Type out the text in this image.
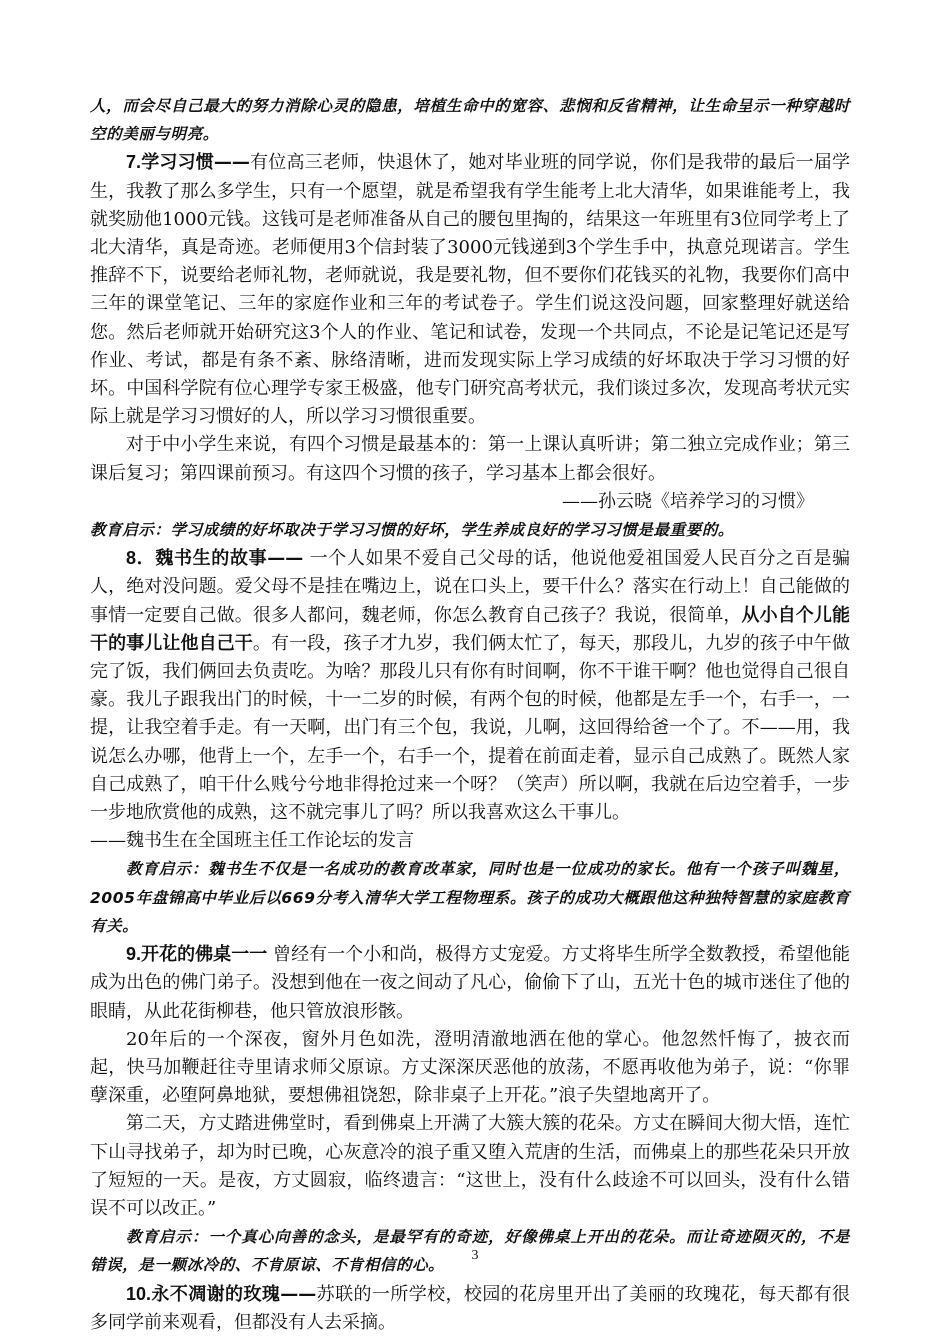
人，而会尽自己最大的努力消除心灵的隐患，培植生命中的宽容、悲悯和反省精神，让生命呈示一种穿越时空的美丽与明亮。

7.学习习惯——有位高三老师，快退休了，她对毕业班的同学说，你们是我带的最后一届学生，我教了那么多学生，只有一个愿望，就是希望我有学生能考上北大清华，如果谁能考上，我就奖励他1000元钱。这钱可是老师准备从自己的腰包里掏的，结果这一年班里有3位同学考上了北大清华，真是奇迹。老师便用3个信封装了3000元钱递到3个学生手中，执意兑现诺言。学生推辞不下，说要给老师礼物，老师就说，我是要礼物，但不要你们花钱买的礼物，我要你们高中三年的课堂笔记、三年的家庭作业和三年的考试卷子。学生们说这没问题，回家整理好就送给您。然后老师就开始研究这3个人的作业、笔记和试卷，发现一个共同点，不论是记笔记还是写作业、考试，都是有条不紊、脉络清晰，进而发现实际上学习成绩的好坏取决于学习习惯的好坏。中国科学院有位心理学专家王极盛，他专门研究高考状元，我们谈过多次，发现高考状元实际上就是学习习惯好的人，所以学习习惯很重要。

对于中小学生来说，有四个习惯是最基本的：第一上课认真听讲；第二独立完成作业；第三课后复习；第四课前预习。有这四个习惯的孩子，学习基本上都会很好。

——孙云晓《培养学习的习惯》

教育启示：学习成绩的好坏取决于学习习惯的好坏，学生养成良好的学习习惯是最重要的。

8．魏书生的故事—— 一个人如果不爱自己父母的话，他说他爱祖国爱人民百分之百是骗人，绝对没问题。爱父母不是挂在嘴边上，说在口头上，要干什么？落实在行动上！自己能做的事情一定要自己做。很多人都问，魏老师，你怎么教育自己孩子？我说，很简单，从小自个儿能干的事儿让他自己干。有一段，孩子才九岁，我们俩太忙了，每天，那段儿，九岁的孩子中午做完了饭，我们俩回去负责吃。为啥？那段儿只有你有时间啊，你不干谁干啊？他也觉得自己很自豪。我儿子跟我出门的时候，十一二岁的时候，有两个包的时候，他都是左手一个，右手一，一提，让我空着手走。有一天啊，出门有三个包，我说，儿啊，这回得给爸一个了。不——用，我说怎么办哪，他背上一个，左手一个，右手一个，提着在前面走着，显示自己成熟了。既然人家自己成熟了，咱干什么贱兮兮地非得抢过来一个呀？（笑声）所以啊，我就在后边空着手，一步一步地欣赏他的成熟，这不就完事儿了吗？所以我喜欢这么干事儿。

——魏书生在全国班主任工作论坛的发言

教育启示：魏书生不仅是一名成功的教育改革家，同时也是一位成功的家长。他有一个孩子叫魏星，2005年盘锦高中毕业后以669分考入清华大学工程物理系。孩子的成功大概跟他这种独特智慧的家庭教育有关。

9.开花的佛桌一一 曾经有一个小和尚，极得方丈宠爱。方丈将毕生所学全数教授，希望他能成为出色的佛门弟子。没想到他在一夜之间动了凡心，偷偷下了山，五光十色的城市迷住了他的眼睛，从此花街柳巷，他只管放浪形骸。

20年后的一个深夜，窗外月色如洗，澄明清澈地洒在他的掌心。他忽然忏悔了，披衣而起，快马加鞭赶往寺里请求师父原谅。方丈深深厌恶他的放荡，不愿再收他为弟子，说：“你罪孽深重，必堕阿鼻地狱，要想佛祖饶恕，除非桌子上开花。”浪子失望地离开了。

第二天，方丈踏进佛堂时，看到佛桌上开满了大簇大簇的花朵。方丈在瞬间大彻大悟，连忙下山寻找弟子，却为时已晚，心灰意冷的浪子重又堕入荒唐的生活，而佛桌上的那些花朵只开放了短短的一天。是夜，方丈圆寂，临终遗言：“这世上，没有什么歧途不可以回头，没有什么错误不可以改正。”

教育启示：一个真心向善的念头，是最罕有的奇迹，好像佛桌上开出的花朵。而让奇迹陨灭的，不是错误，是一颗冰冷的、不肯原谅、不肯相信的心。

10.永不凋谢的玫瑰——苏联的一所学校，校园的花房里开出了美丽的玫瑰花，每天都有很多同学前来观看，但都没有人去采摘。

3
